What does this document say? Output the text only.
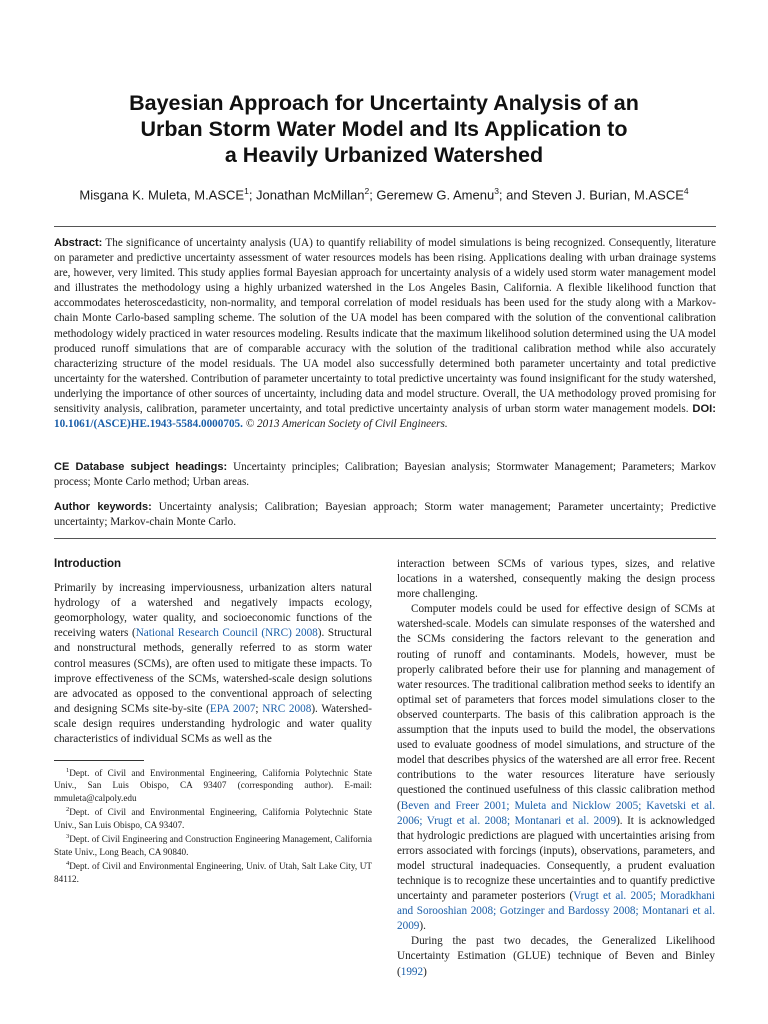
Bayesian Approach for Uncertainty Analysis of an
Urban Storm Water Model and Its Application to
a Heavily Urbanized Watershed
Misgana K. Muleta, M.ASCE$^1$; Jonathan McMillan$^2$; Geremew G. Amenu$^3$; and Steven J. Burian, M.ASCE$^4$
Abstract: The significance of uncertainty analysis (UA) to quantify reliability of model simulations is being recognized. Consequently, literature on parameter and predictive uncertainty assessment of water resources models has been rising. Applications dealing with urban drainage systems are, however, very limited. This study applies formal Bayesian approach for uncertainty analysis of a widely used storm water management model and illustrates the methodology using a highly urbanized watershed in the Los Angeles Basin, California. A flexible likelihood function that accommodates heteroscedasticity, non-normality, and temporal correlation of model residuals has been used for the study along with a Markov-chain Monte Carlo-based sampling scheme. The solution of the UA model has been compared with the solution of the conventional calibration methodology widely practiced in water resources modeling. Results indicate that the maximum likelihood solution determined using the UA model produced runoff simulations that are of comparable accuracy with the solution of the traditional calibration method while also accurately characterizing structure of the model residuals. The UA model also successfully determined both parameter uncertainty and total predictive uncertainty for the watershed. Contribution of parameter uncertainty to total predictive uncertainty was found insignificant for the study watershed, underlying the importance of other sources of uncertainty, including data and model structure. Overall, the UA methodology proved promising for sensitivity analysis, calibration, parameter uncertainty, and total predictive uncertainty analysis of urban storm water management models. DOI: 10.1061/(ASCE)HE.1943-5584.0000705. © 2013 American Society of Civil Engineers.
CE Database subject headings: Uncertainty principles; Calibration; Bayesian analysis; Stormwater Management; Parameters; Markov process; Monte Carlo method; Urban areas.
Author keywords: Uncertainty analysis; Calibration; Bayesian approach; Storm water management; Parameter uncertainty; Predictive uncertainty; Markov-chain Monte Carlo.
Introduction

Primarily by increasing imperviousness, urbanization alters natural hydrology of a watershed and negatively impacts ecology, geomorphology, water quality, and socioeconomic functions of the receiving waters (National Research Council (NRC) 2008). Structural and nonstructural methods, generally referred to as storm water control measures (SCMs), are often used to mitigate these impacts. To improve effectiveness of the SCMs, watershed-scale design solutions are advocated as opposed to the conventional approach of selecting and designing SCMs site-by-site (EPA 2007; NRC 2008). Watershed-scale design requires understanding hydrologic and water quality characteristics of individual SCMs as well as the

$^1$Dept. of Civil and Environmental Engineering, California Polytechnic State Univ., San Luis Obispo, CA 93407 (corresponding author). E-mail: mmuleta@calpoly.edu

$^2$Dept. of Civil and Environmental Engineering, California Polytechnic State Univ., San Luis Obispo, CA 93407.

$^3$Dept. of Civil Engineering and Construction Engineering Management, California State Univ., Long Beach, CA 90840.

$^4$Dept. of Civil and Environmental Engineering, Univ. of Utah, Salt Lake City, UT 84112.

interaction between SCMs of various types, sizes, and relative locations in a watershed, consequently making the design process more challenging.

Computer models could be used for effective design of SCMs at watershed-scale. Models can simulate responses of the watershed and the SCMs considering the factors relevant to the generation and routing of runoff and contaminants. Models, however, must be properly calibrated before their use for planning and management of water resources. The traditional calibration method seeks to identify an optimal set of parameters that forces model simulations closer to the observed counterparts. The basis of this calibration approach is the assumption that the inputs used to build the model, the observations used to evaluate goodness of model simulations, and structure of the model that describes physics of the watershed are all error free. Recent contributions to the water resources literature have seriously questioned the continued usefulness of this classic calibration method (Beven and Freer 2001; Muleta and Nicklow 2005; Kavetski et al. 2006; Vrugt et al. 2008; Montanari et al. 2009). It is acknowledged that hydrologic predictions are plagued with uncertainties arising from errors associated with forcings (inputs), observations, parameters, and model structural inadequacies. Consequently, a prudent evaluation technique is to recognize these uncertainties and to quantify predictive uncertainty and parameter posteriors (Vrugt et al. 2005; Moradkhani and Sorooshian 2008; Gotzinger and Bardossy 2008; Montanari et al. 2009).

During the past two decades, the Generalized Likelihood Uncertainty Estimation (GLUE) technique of Beven and Binley (1992)
